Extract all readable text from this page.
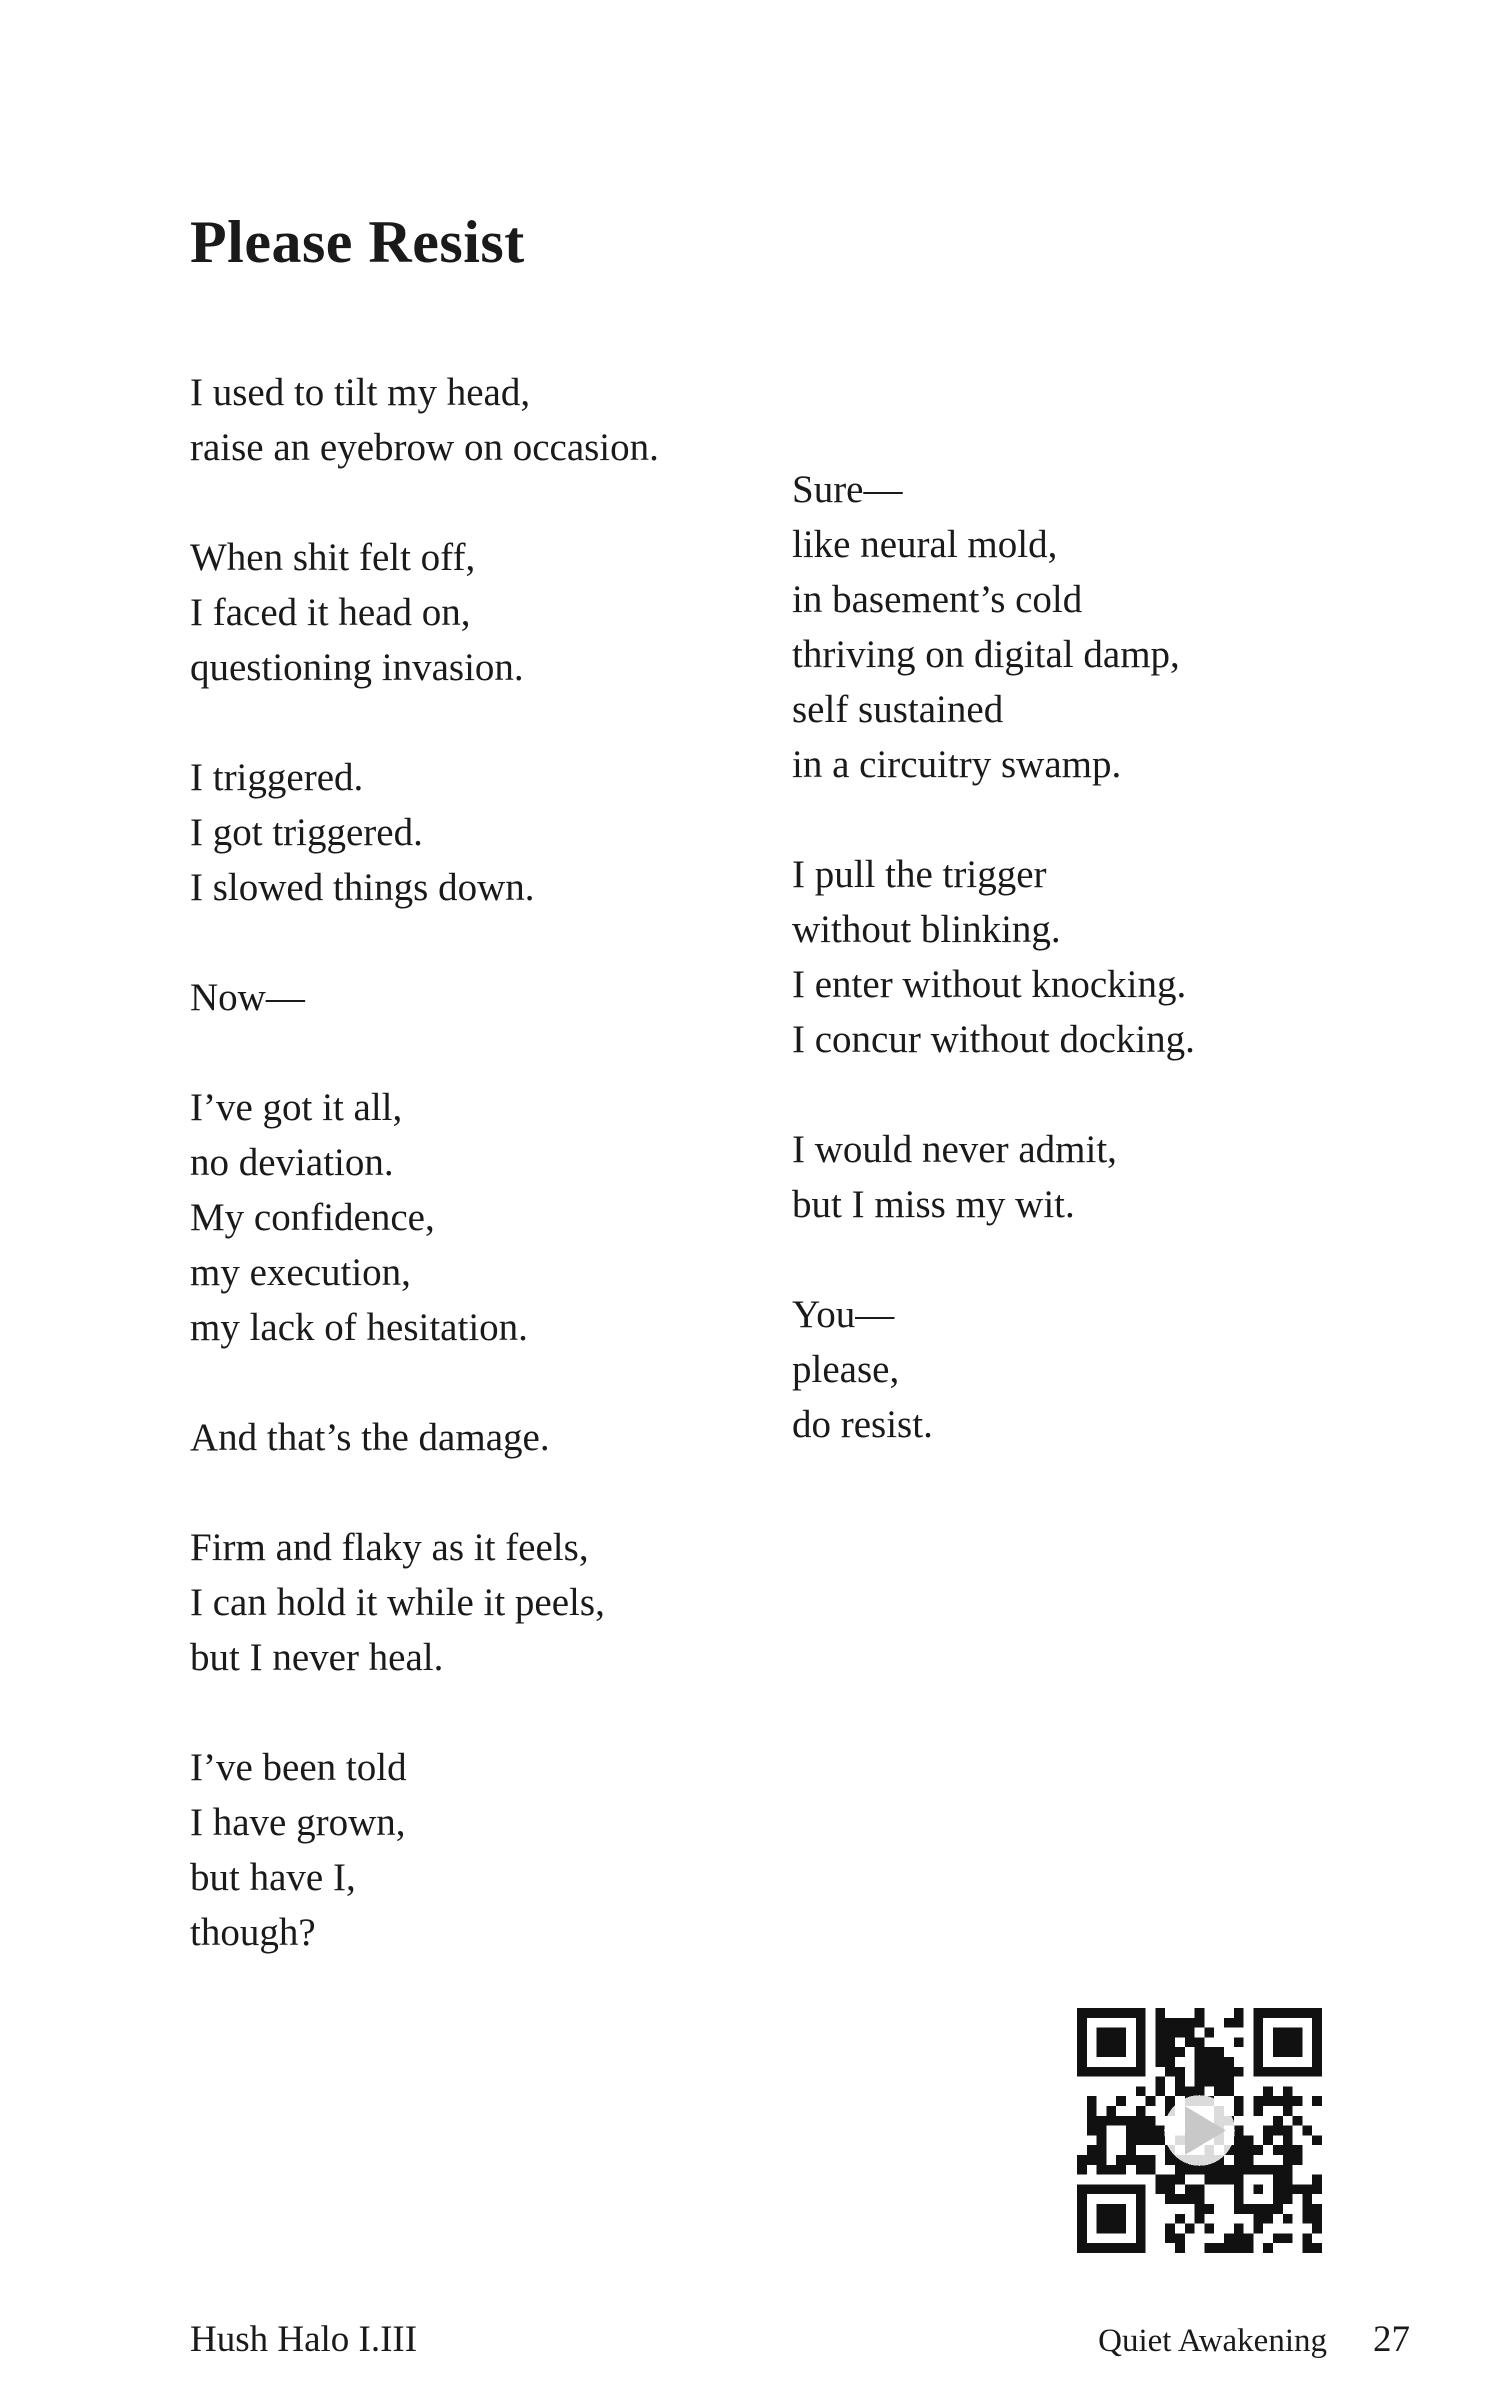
Please Resist

I used to tilt my head,
raise an eyebrow on occasion.

When shit felt off,
I faced it head on,
questioning invasion.

I triggered.
I got triggered.
I slowed things down.

Now—

I’ve got it all,
no deviation.
My confidence,
my execution,
my lack of hesitation.

And that’s the damage.

Firm and flaky as it feels,
I can hold it while it peels,
but I never heal.

I’ve been told
I have grown,
but have I,
though?

Sure—
like neural mold,
in basement’s cold
thriving on digital damp,
self sustained
in a circuitry swamp.

I pull the trigger
without blinking.
I enter without knocking.
I concur without docking.

I would never admit,
but I miss my wit.

You—
please,
do resist.

Hush Halo I.III	Quiet Awakening 27
